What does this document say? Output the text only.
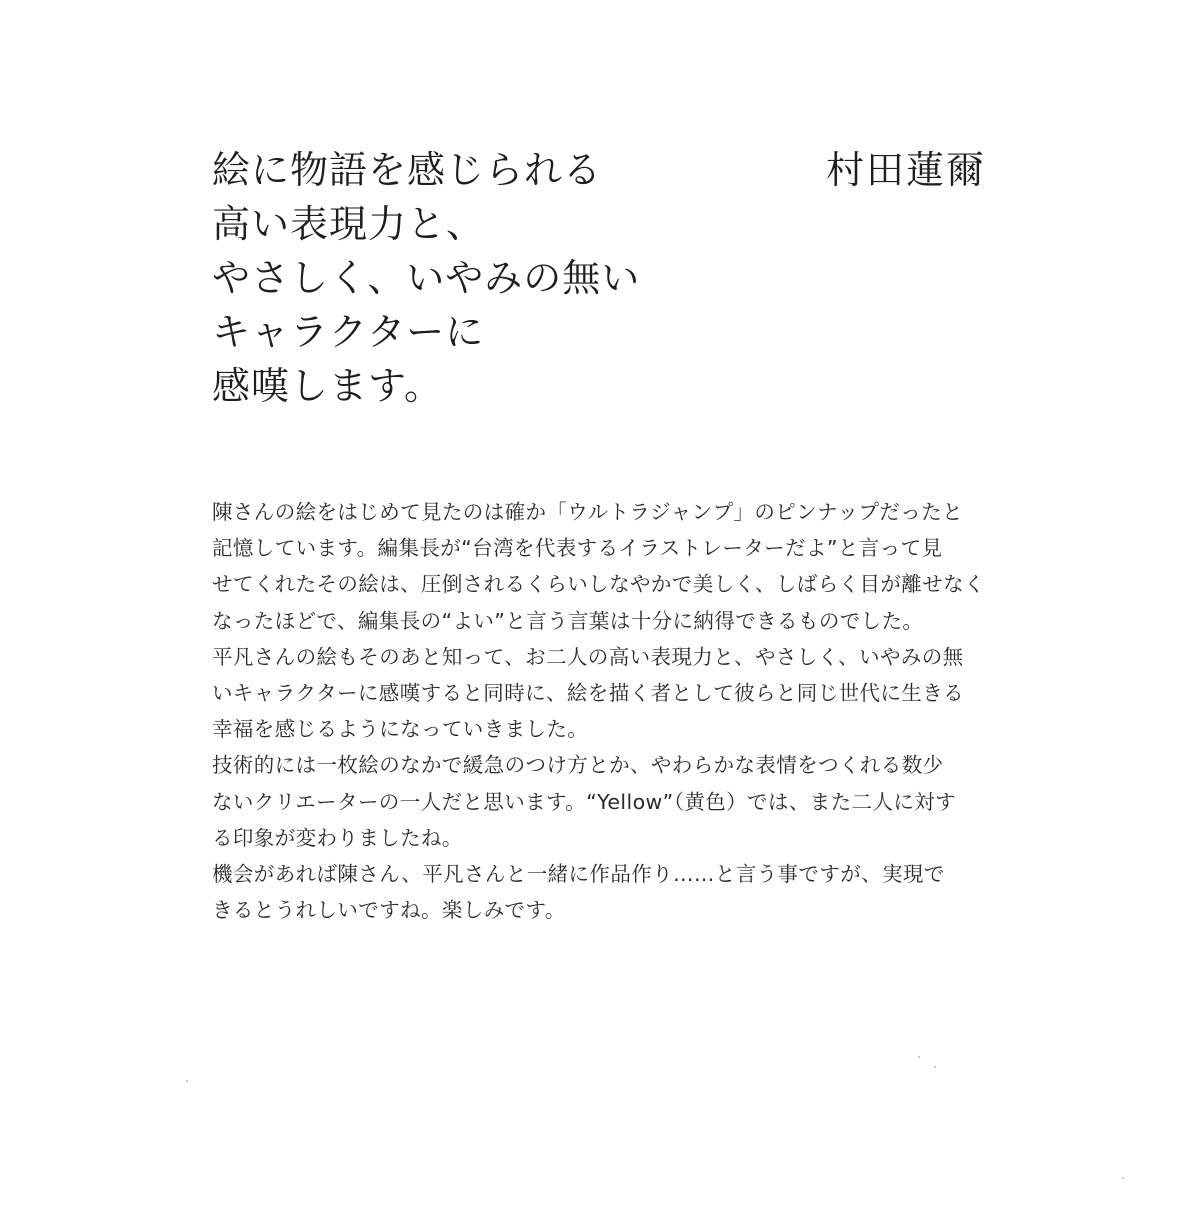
絵に物語を感じられる
高い表現力と、
やさしく、いやみの無い
キャラクターに
感嘆します。
村田蓮爾
陳さんの絵をはじめて見たのは確か「ウルトラジャンプ」のピンナップだったと
記憶しています。編集長が“台湾を代表するイラストレーターだよ”と言って見
せてくれたその絵は、圧倒されるくらいしなやかで美しく、しばらく目が離せなく
なったほどで、編集長の“よい”と言う言葉は十分に納得できるものでした。
平凡さんの絵もそのあと知って、お二人の高い表現力と、やさしく、いやみの無
いキャラクターに感嘆すると同時に、絵を描く者として彼らと同じ世代に生きる
幸福を感じるようになっていきました。
技術的には一枚絵のなかで緩急のつけ方とか、やわらかな表情をつくれる数少
ないクリエーターの一人だと思います。“Yellow”（黄色）では、また二人に対す
る印象が変わりましたね。
機会があれば陳さん、平凡さんと一緒に作品作り……と言う事ですが、実現で
きるとうれしいですね。楽しみです。
